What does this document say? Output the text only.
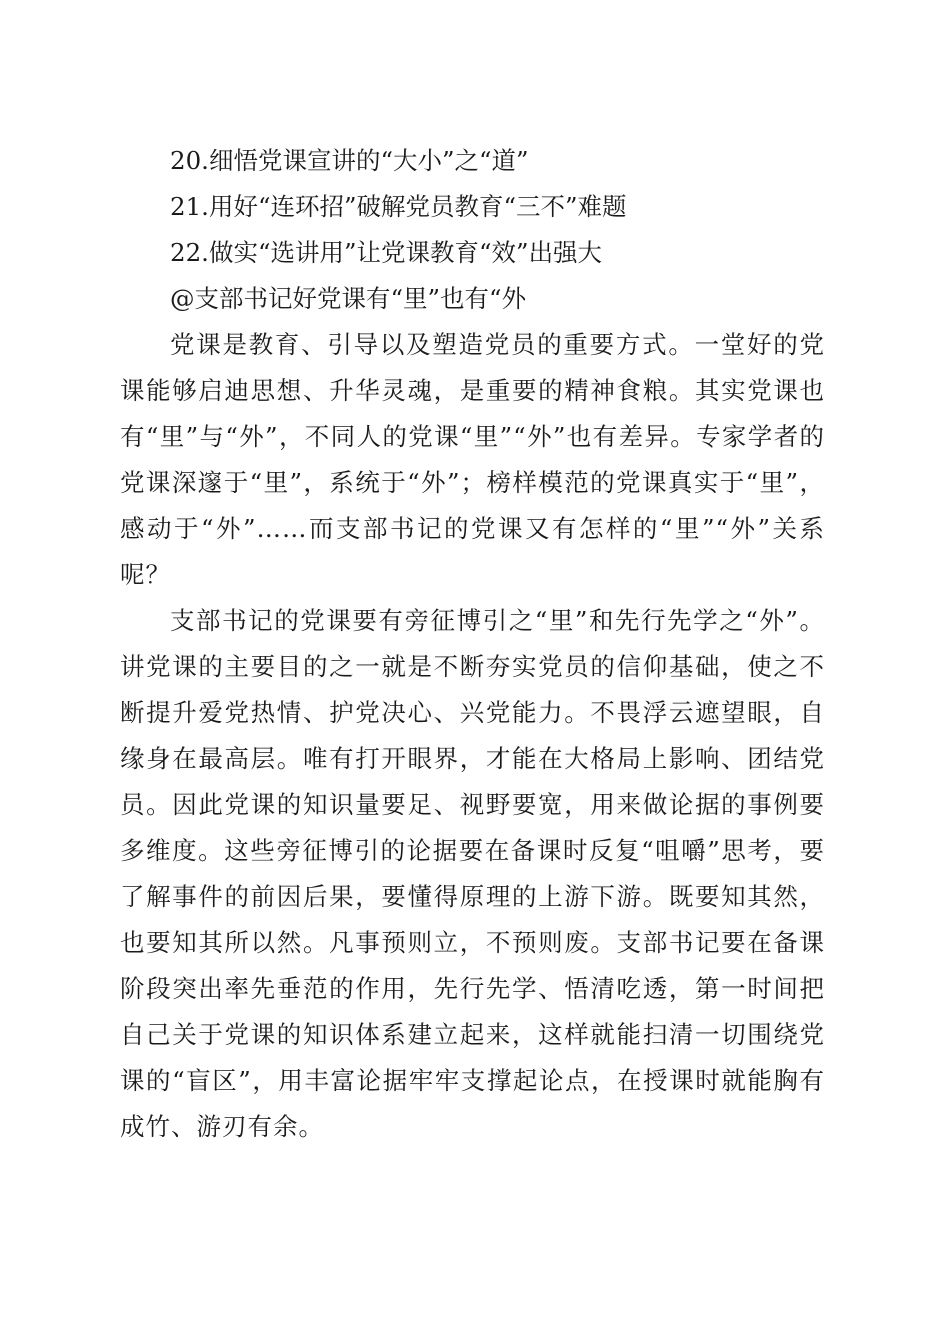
20.细悟党课宣讲的“大小”之“道”

21.用好“连环招”破解党员教育“三不”难题

22.做实“选讲用”让党课教育“效”出强大

@支部书记好党课有“里”也有“外

党课是教育、引导以及塑造党员的重要方式。一堂好的党课能够启迪思想、升华灵魂，是重要的精神食粮。其实党课也有“里”与“外”，不同人的党课“里”“外”也有差异。专家学者的党课深邃于“里”，系统于“外”；榜样模范的党课真实于“里”，感动于“外”……而支部书记的党课又有怎样的“里”“外”关系呢？

支部书记的党课要有旁征博引之“里”和先行先学之“外”。讲党课的主要目的之一就是不断夯实党员的信仰基础，使之不断提升爱党热情、护党决心、兴党能力。不畏浮云遮望眼，自缘身在最高层。唯有打开眼界，才能在大格局上影响、团结党员。因此党课的知识量要足、视野要宽，用来做论据的事例要多维度。这些旁征博引的论据要在备课时反复“咀嚼”思考，要了解事件的前因后果，要懂得原理的上游下游。既要知其然，也要知其所以然。凡事预则立，不预则废。支部书记要在备课阶段突出率先垂范的作用，先行先学、悟清吃透，第一时间把自己关于党课的知识体系建立起来，这样就能扫清一切围绕党课的“盲区”，用丰富论据牢牢支撑起论点，在授课时就能胸有成竹、游刃有余。
